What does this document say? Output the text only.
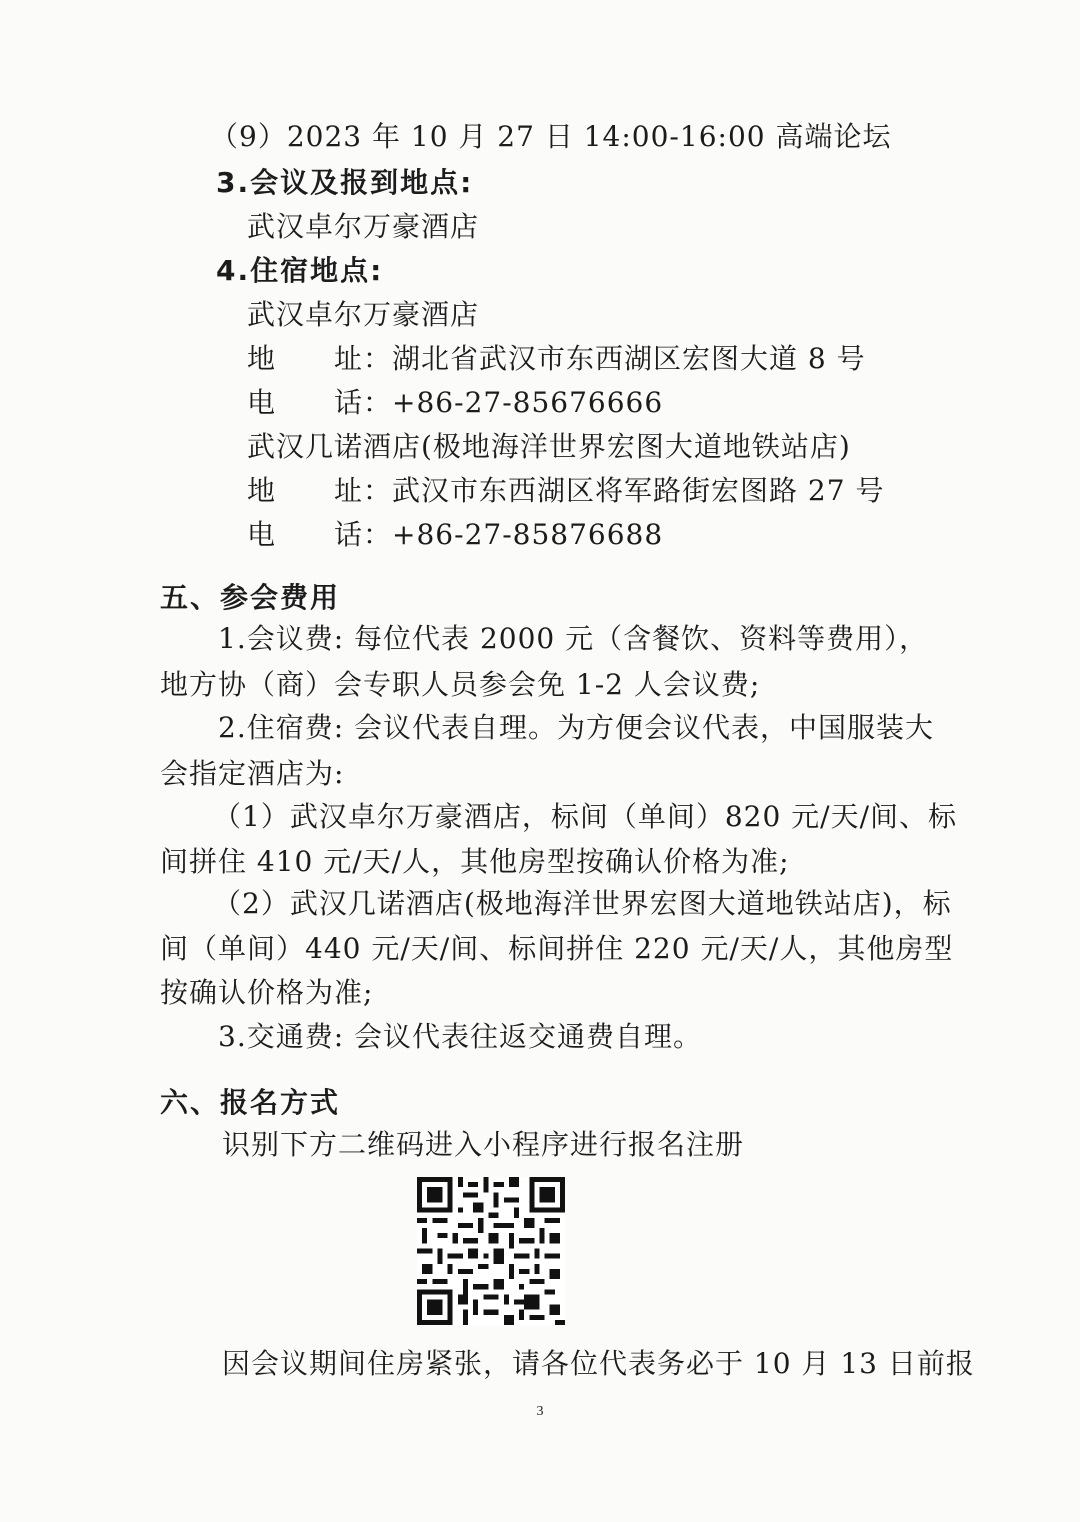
（9）2023 年 10 月 27 日 14:00-16:00 高端论坛
3.会议及报到地点:
武汉卓尔万豪酒店
4.住宿地点:
武汉卓尔万豪酒店
地 址：湖北省武汉市东西湖区宏图大道 8 号
电 话：+86-27-85676666
武汉几诺酒店(极地海洋世界宏图大道地铁站店)
地 址：武汉市东西湖区将军路街宏图路 27 号
电 话：+86-27-85876688
五、参会费用
1.会议费: 每位代表 2000 元（含餐饮、资料等费用），
地方协（商）会专职人员参会免 1-2 人会议费;
2.住宿费: 会议代表自理。为方便会议代表，中国服装大
会指定酒店为:
（1）武汉卓尔万豪酒店，标间（单间）820 元/天/间、标
间拼住 410 元/天/人，其他房型按确认价格为准;
（2）武汉几诺酒店(极地海洋世界宏图大道地铁站店)，标
间（单间）440 元/天/间、标间拼住 220 元/天/人，其他房型
按确认价格为准;
3.交通费: 会议代表往返交通费自理。
六、报名方式
识别下方二维码进入小程序进行报名注册
因会议期间住房紧张，请各位代表务必于 10 月 13 日前报
3
